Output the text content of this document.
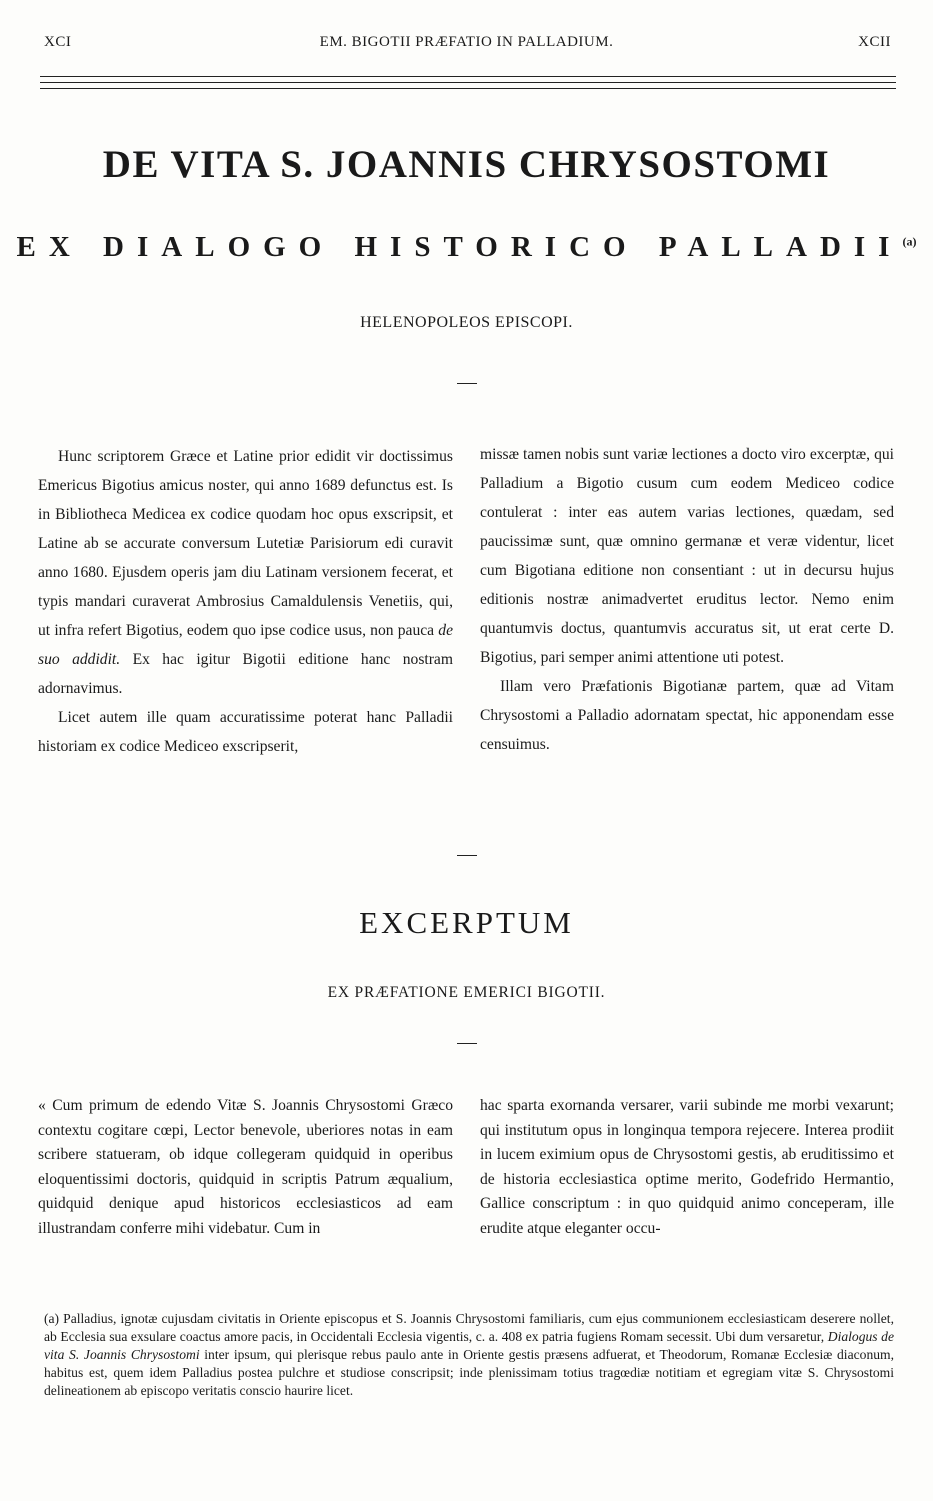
XCI	EM. BIGOTII PRÆFATIO IN PALLADIUM.	XCII
DE VITA S. JOANNIS CHRYSOSTOMI
EX DIALOGO HISTORICO PALLADII$^{(a)}$
HELENOPOLEOS EPISCOPI.

Hunc scriptorem Græce et Latine prior edidit vir doctissimus Emericus Bigotius amicus noster, qui anno 1689 defunctus est. Is in Bibliotheca Medicea ex codice quodam hoc opus exscripsit, et Latine ab se accurate conversum Lutetiæ Parisiorum edi curavit anno 1680. Ejusdem operis jam diu Latinam versionem fecerat, et typis mandari curaverat Ambrosius Camaldulensis Venetiis, qui, ut infra refert Bigotius, eodem quo ipse codice usus, non pauca de suo addidit. Ex hac igitur Bigotii editione hanc nostram adornavimus.

Licet autem ille quam accuratissime poterat hanc Palladii historiam ex codice Mediceo exscripserit,

missæ tamen nobis sunt variæ lectiones a docto viro excerptæ, qui Palladium a Bigotio cusum cum eodem Mediceo codice contulerat : inter eas autem varias lectiones, quædam, sed paucissimæ sunt, quæ omnino germanæ et veræ videntur, licet cum Bigotiana editione non consentiant : ut in decursu hujus editionis nostræ animadvertet eruditus lector. Nemo enim quantumvis doctus, quantumvis accuratus sit, ut erat certe D. Bigotius, pari semper animi attentione uti potest.

Illam vero Præfationis Bigotianæ partem, quæ ad Vitam Chrysostomi a Palladio adornatam spectat, hic apponendam esse censuimus.

EXCERPTUM
EX PRÆFATIONE EMERICI BIGOTII.
« Cum primum de edendo Vitæ S. Joannis Chrysostomi Græco contextu cogitare cœpi, Lector benevole, uberiores notas in eam scribere statueram, ob idque collegeram quidquid in operibus eloquentissimi doctoris, quidquid in scriptis Patrum æqualium, quidquid denique apud historicos ecclesiasticos ad eam illustrandam conferre mihi videbatur. Cum in
hac sparta exornanda versarer, varii subinde me morbi vexarunt; qui institutum opus in longinqua tempora rejecere. Interea prodiit in lucem eximium opus de Chrysostomi gestis, ab eruditissimo et de historia ecclesiastica optime merito, Godefrido Hermantio, Gallice conscriptum : in quo quidquid animo conceperam, ille erudite atque eleganter occu-
(a) Palladius, ignotæ cujusdam civitatis in Oriente episcopus et S. Joannis Chrysostomi familiaris, cum ejus communionem ecclesiasticam deserere nollet, ab Ecclesia sua exsulare coactus amore pacis, in Occidentali Ecclesia vigentis, c. a. 408 ex patria fugiens Romam secessit. Ubi dum versaretur, Dialogus de vita S. Joannis Chrysostomi inter ipsum, qui plerisque rebus paulo ante in Oriente gestis præsens adfuerat, et Theodorum, Romanæ Ecclesiæ diaconum, habitus est, quem idem Palladius postea pulchre et studiose conscripsit; inde plenissimam totius tragœdiæ notitiam et egregiam vitæ S. Chrysostomi delineationem ab episcopo veritatis conscio haurire licet.
